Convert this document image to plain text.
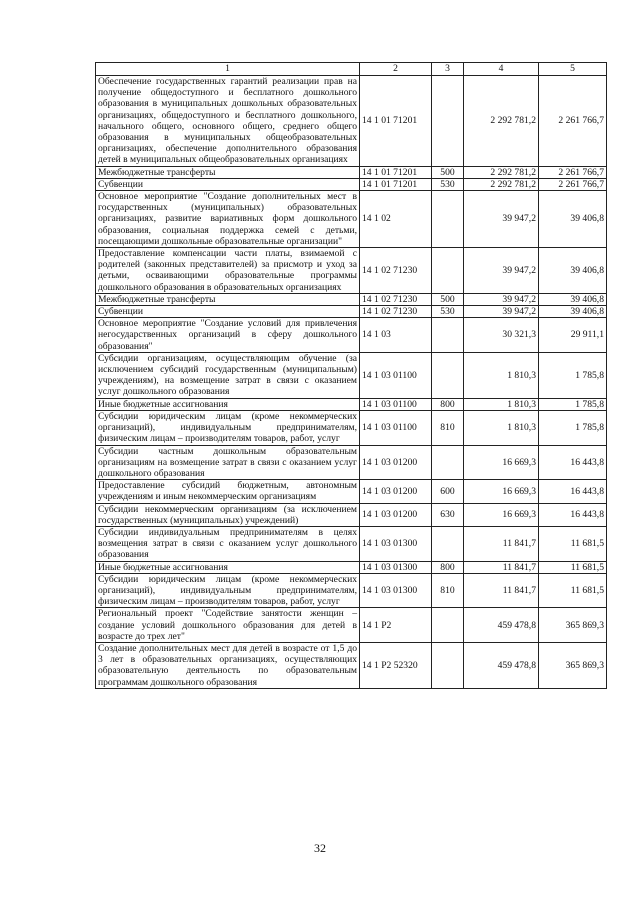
1	2	3	4	5
Обеспечение государственных гарантий реализации прав на получение общедоступного и бесплатного дошкольного образования в муниципальных дошкольных образовательных организациях, общедоступного и бесплатного дошкольного, начального общего, основного общего, среднего общего образования в муниципальных общеобразовательных организациях, обеспечение дополнительного образования детей в муниципальных общеобразовательных организациях	14 1 01 71201		2 292 781,2	2 261 766,7
Межбюджетные трансферты	14 1 01 71201	500	2 292 781,2	2 261 766,7
Субвенции	14 1 01 71201	530	2 292 781,2	2 261 766,7
Основное мероприятие "Создание дополнительных мест в государственных (муниципальных) образовательных организациях, развитие вариативных форм дошкольного образования, социальная поддержка семей с детьми, посещающими дошкольные образовательные организации"	14 1 02		39 947,2	39 406,8
Предоставление компенсации части платы, взимаемой с родителей (законных представителей) за присмотр и уход за детьми, осваивающими образовательные программы дошкольного образования в образовательных организациях	14 1 02 71230		39 947,2	39 406,8
Межбюджетные трансферты	14 1 02 71230	500	39 947,2	39 406,8
Субвенции	14 1 02 71230	530	39 947,2	39 406,8
Основное мероприятие "Создание условий для привлечения негосударственных организаций в сферу дошкольного образования"	14 1 03		30 321,3	29 911,1
Субсидии организациям, осуществляющим обучение (за исключением субсидий государственным (муниципальным) учреждениям), на возмещение затрат в связи с оказанием услуг дошкольного образования	14 1 03 01100		1 810,3	1 785,8
Иные бюджетные ассигнования	14 1 03 01100	800	1 810,3	1 785,8
Субсидии юридическим лицам (кроме некоммерческих организаций), индивидуальным предпринимателям, физическим лицам – производителям товаров, работ, услуг	14 1 03 01100	810	1 810,3	1 785,8
Субсидии частным дошкольным образовательным организациям на возмещение затрат в связи с оказанием услуг дошкольного образования	14 1 03 01200		16 669,3	16 443,8
Предоставление субсидий бюджетным, автономным учреждениям и иным некоммерческим организациям	14 1 03 01200	600	16 669,3	16 443,8
Субсидии некоммерческим организациям (за исключением государственных (муниципальных) учреждений)	14 1 03 01200	630	16 669,3	16 443,8
Субсидии индивидуальным предпринимателям в целях возмещения затрат в связи с оказанием услуг дошкольного образования	14 1 03 01300		11 841,7	11 681,5
Иные бюджетные ассигнования	14 1 03 01300	800	11 841,7	11 681,5
Субсидии юридическим лицам (кроме некоммерческих организаций), индивидуальным предпринимателям, физическим лицам – производителям товаров, работ, услуг	14 1 03 01300	810	11 841,7	11 681,5
Региональный проект "Содействие занятости женщин – создание условий дошкольного образования для детей в возрасте до трех лет"	14 1 P2		459 478,8	365 869,3
Создание дополнительных мест для детей в возрасте от 1,5 до 3 лет в образовательных организациях, осуществляющих образовательную деятельность по образовательным программам дошкольного образования	14 1 P2 52320		459 478,8	365 869,3
32
